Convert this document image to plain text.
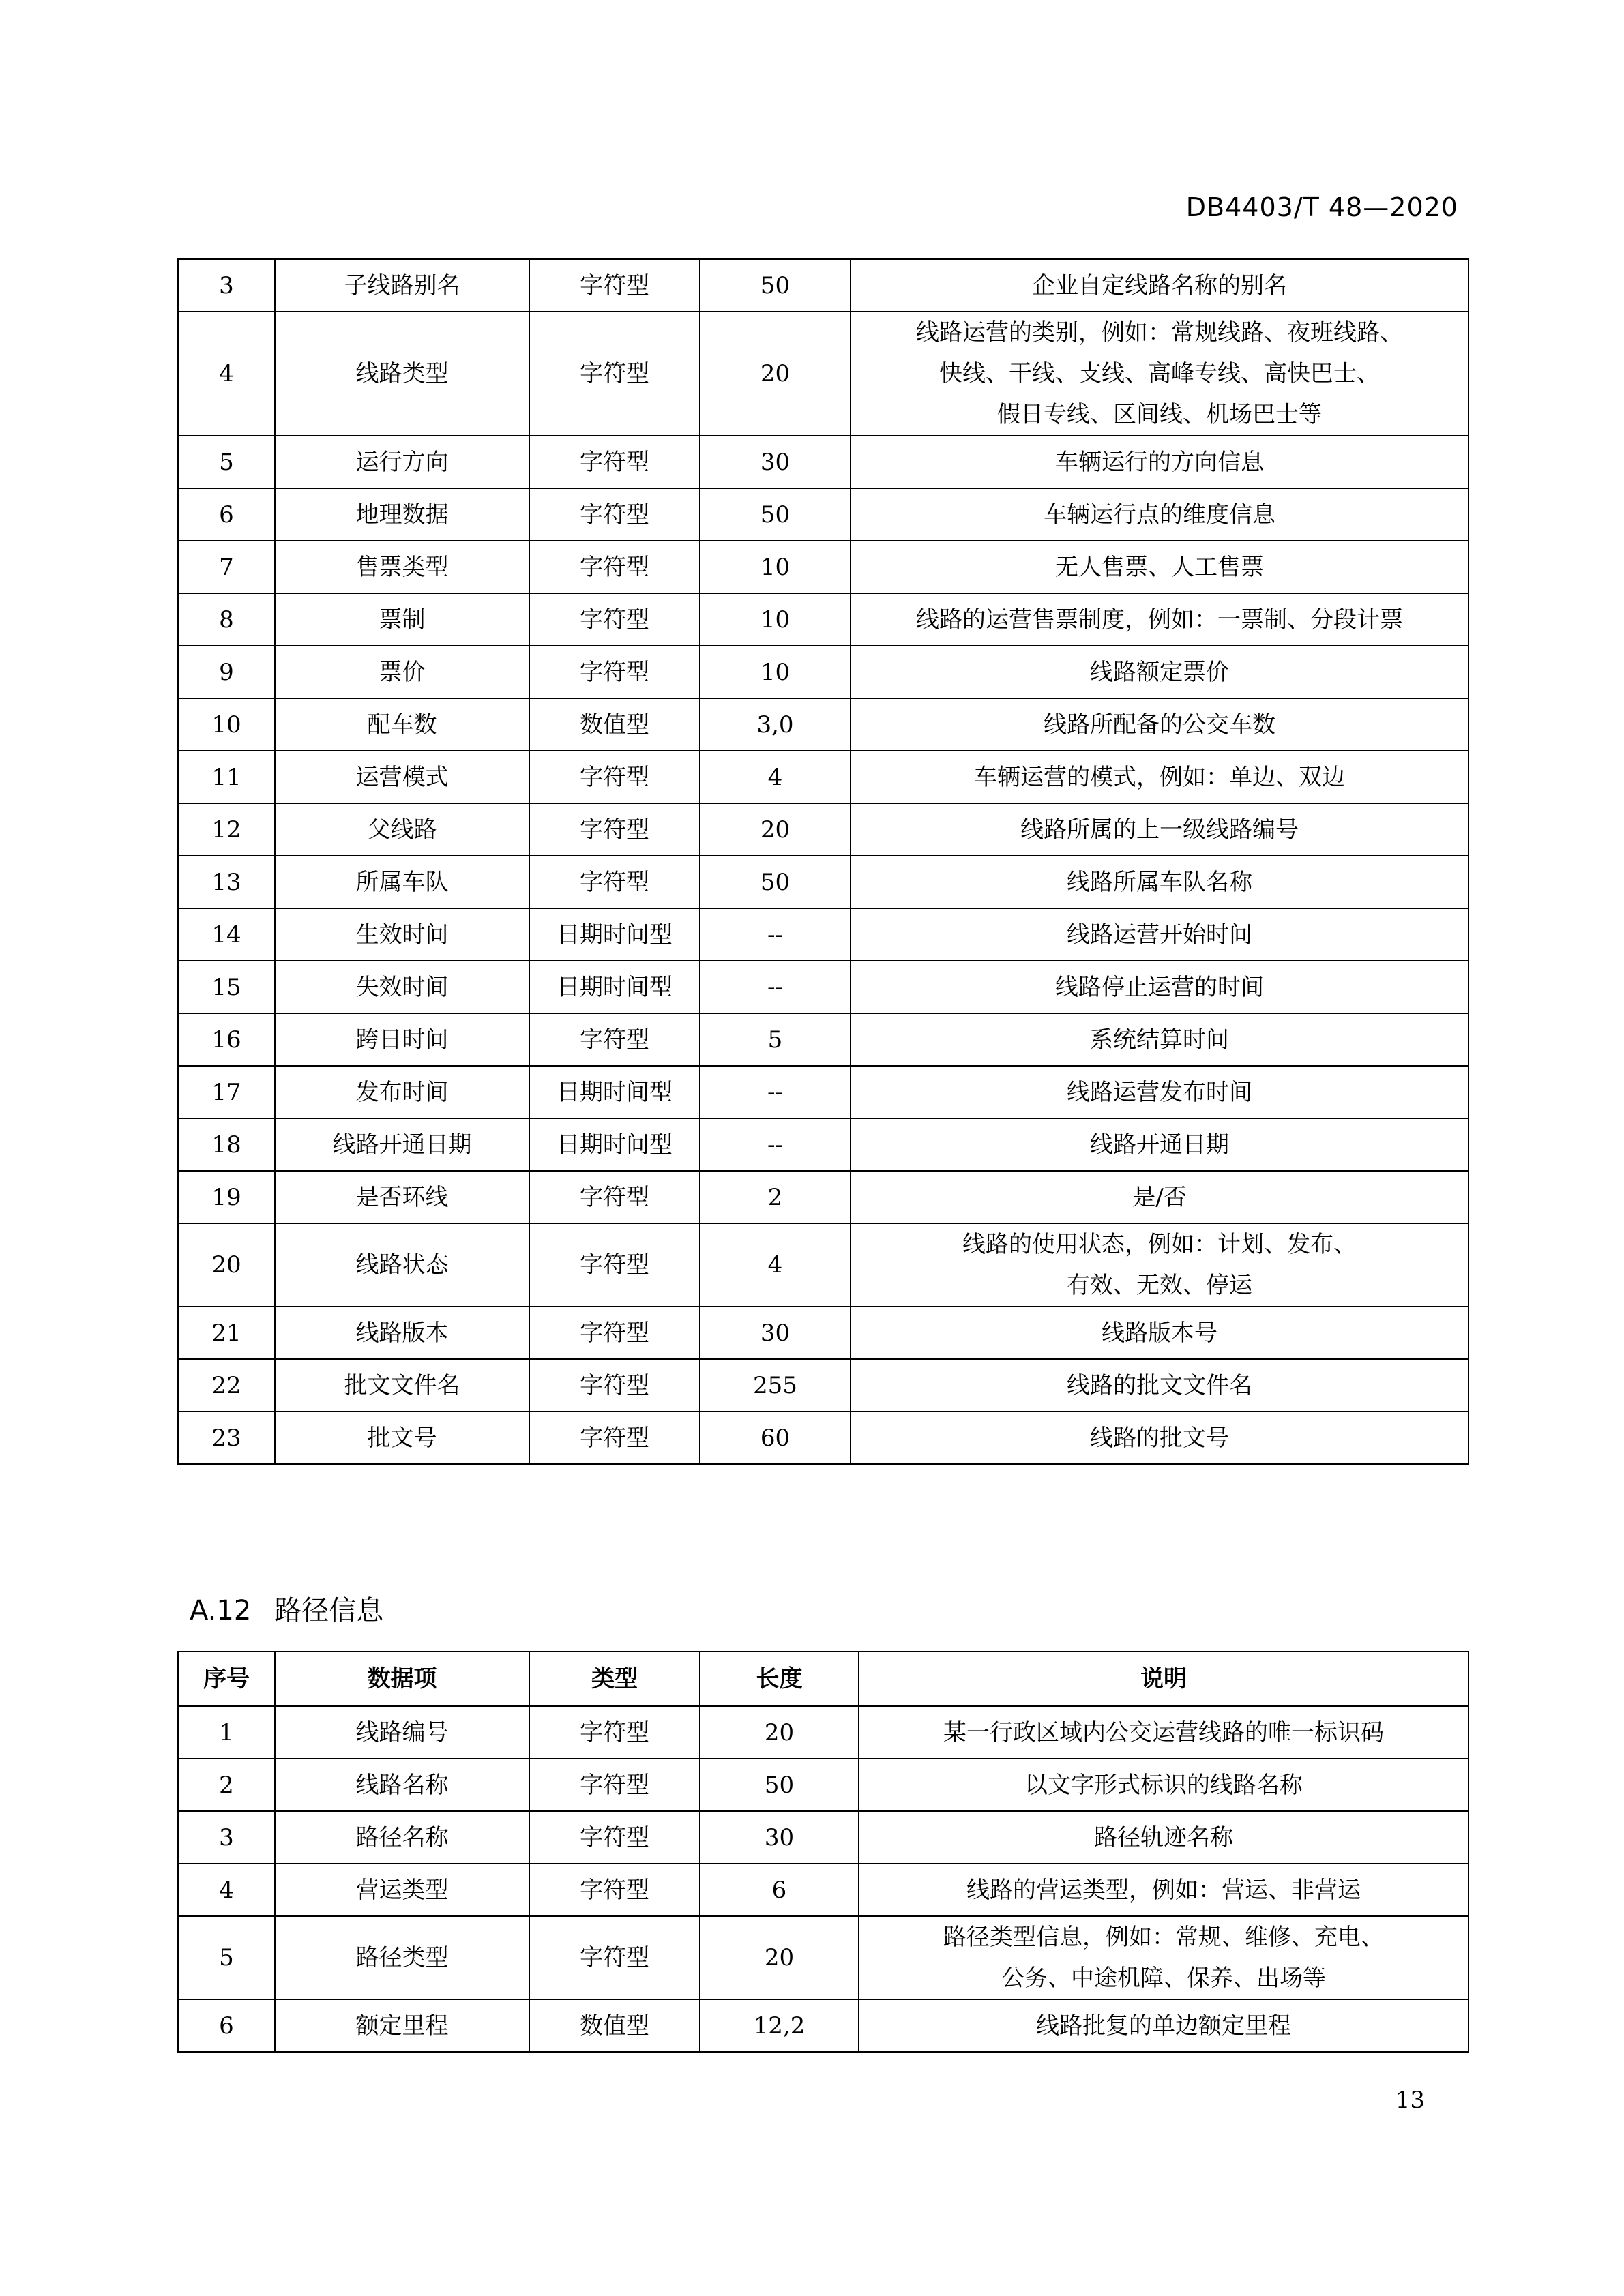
DB4403/T 48—2020
3	子线路别名	字符型	50	企业自定线路名称的别名

4	线路类型	字符型	20	线路运营的类别，例如：常规线路、夜班线路、
快线、干线、支线、高峰专线、高快巴士、
假日专线、区间线、机场巴士等

5	运行方向	字符型	30	车辆运行的方向信息

6	地理数据	字符型	50	车辆运行点的维度信息

7	售票类型	字符型	10	无人售票、人工售票

8	票制	字符型	10	线路的运营售票制度，例如：一票制、分段计票

9	票价	字符型	10	线路额定票价

10	配车数	数值型	3,0	线路所配备的公交车数

11	运营模式	字符型	4	车辆运营的模式，例如：单边、双边

12	父线路	字符型	20	线路所属的上一级线路编号

13	所属车队	字符型	50	线路所属车队名称

14	生效时间	日期时间型	--	线路运营开始时间

15	失效时间	日期时间型	--	线路停止运营的时间

16	跨日时间	字符型	5	系统结算时间

17	发布时间	日期时间型	--	线路运营发布时间

18	线路开通日期	日期时间型	--	线路开通日期

19	是否环线	字符型	2	是/否

20	线路状态	字符型	4	线路的使用状态，例如：计划、发布、
有效、无效、停运

21	线路版本	字符型	30	线路版本号

22	批文文件名	字符型	255	线路的批文文件名

23	批文号	字符型	60	线路的批文号
A.12 路径信息
序号	数据项	类型	长度	说明
1	线路编号	字符型	20	某一行政区域内公交运营线路的唯一标识码

2	线路名称	字符型	50	以文字形式标识的线路名称

3	路径名称	字符型	30	路径轨迹名称

4	营运类型	字符型	6	线路的营运类型，例如：营运、非营运

5	路径类型	字符型	20	路径类型信息，例如：常规、维修、充电、
公务、中途机障、保养、出场等

6	额定里程	数值型	12,2	线路批复的单边额定里程
13
